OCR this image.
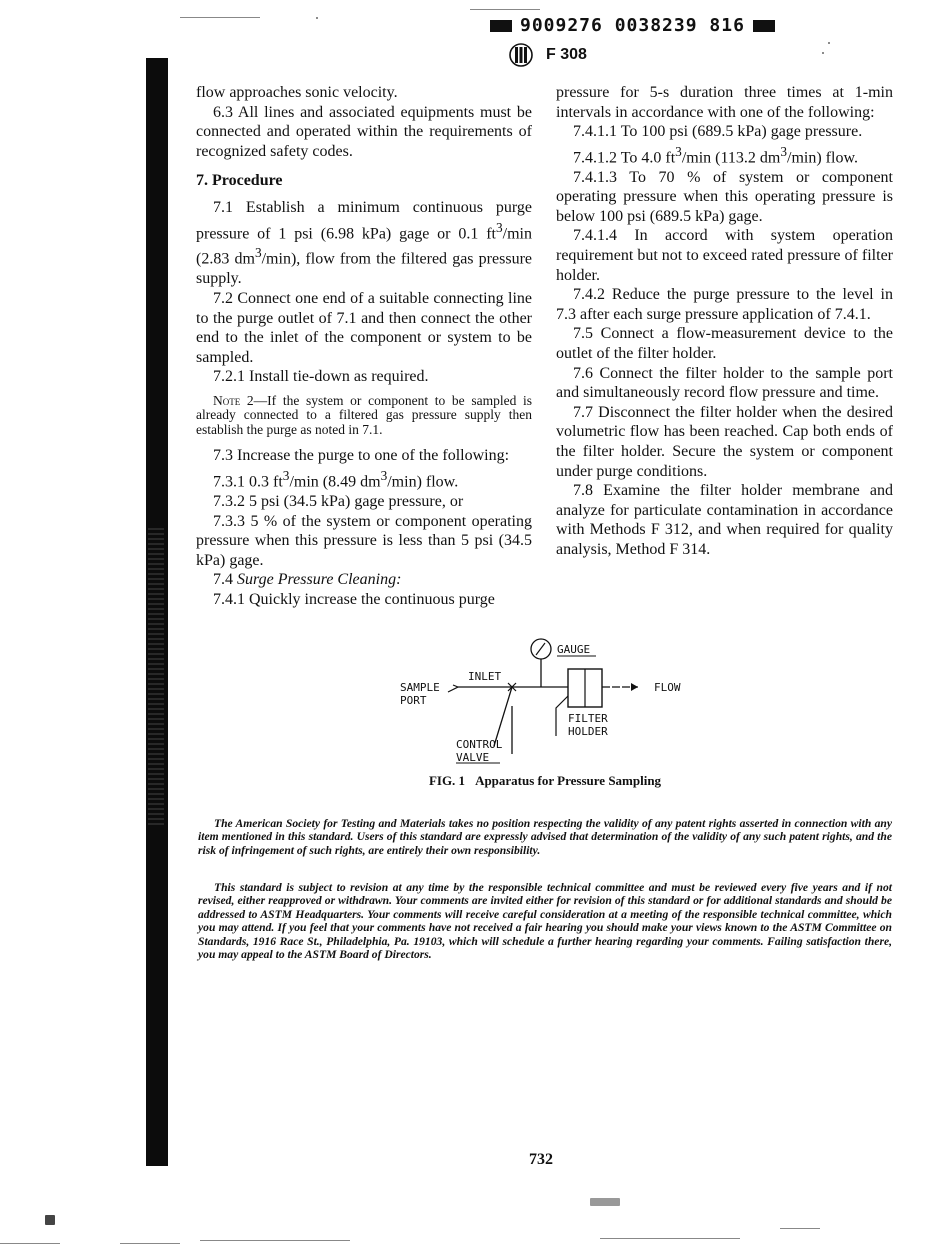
9009276 0038239 816
F 308

flow approaches sonic velocity.

6.3 All lines and associated equipments must be connected and operated within the requirements of recognized safety codes.

7. Procedure

7.1 Establish a minimum continuous purge pressure of 1 psi (6.98 kPa) gage or 0.1 $ft^3/\min$ (2.83 $dm^3/\min$), flow from the filtered gas pressure supply.

7.2 Connect one end of a suitable connecting line to the purge outlet of 7.1 and then connect the other end to the inlet of the component or system to be sampled.

7.2.1 Install tie-down as required.

Note 2—If the system or component to be sampled is already connected to a filtered gas pressure supply then establish the purge as noted in 7.1.

7.3 Increase the purge to one of the following:

7.3.1 0.3 $ft^3/\min$ (8.49 $dm^3/\min$) flow.

7.3.2 5 psi (34.5 kPa) gage pressure, or

7.3.3 5 % of the system or component operating pressure when this pressure is less than 5 psi (34.5 kPa) gage.

7.4 Surge Pressure Cleaning:

7.4.1 Quickly increase the continuous purge

pressure for 5-s duration three times at 1-min intervals in accordance with one of the following:

7.4.1.1 To 100 psi (689.5 kPa) gage pressure.

7.4.1.2 To 4.0 $ft^3/\min$ (113.2 $dm^3/\min$) flow.

7.4.1.3 To 70 % of system or component operating pressure when this operating pressure is below 100 psi (689.5 kPa) gage.

7.4.1.4 In accord with system operation requirement but not to exceed rated pressure of filter holder.

7.4.2 Reduce the purge pressure to the level in 7.3 after each surge pressure application of 7.4.1.

7.5 Connect a flow-measurement device to the outlet of the filter holder.

7.6 Connect the filter holder to the sample port and simultaneously record flow pressure and time.

7.7 Disconnect the filter holder when the desired volumetric flow has been reached. Cap both ends of the filter holder. Secure the system or component under purge conditions.

7.8 Examine the filter holder membrane and analyze for particulate contamination in accordance with Methods F 312, and when required for quality analysis, Method F 314.

GAUGE
INLET
SAMPLE
PORT
CONTROL
VALVE
FLOW
FILTER
HOLDER
FIG. 1 Apparatus for Pressure Sampling

The American Society for Testing and Materials takes no position respecting the validity of any patent rights asserted in connection with any item mentioned in this standard. Users of this standard are expressly advised that determination of the validity of any such patent rights, and the risk of infringement of such rights, are entirely their own responsibility.

This standard is subject to revision at any time by the responsible technical committee and must be reviewed every five years and if not revised, either reapproved or withdrawn. Your comments are invited either for revision of this standard or for additional standards and should be addressed to ASTM Headquarters. Your comments will receive careful consideration at a meeting of the responsible technical committee, which you may attend. If you feel that your comments have not received a fair hearing you should make your views known to the ASTM Committee on Standards, 1916 Race St., Philadelphia, Pa. 19103, which will schedule a further hearing regarding your comments. Failing satisfaction there, you may appeal to the ASTM Board of Directors.

732
